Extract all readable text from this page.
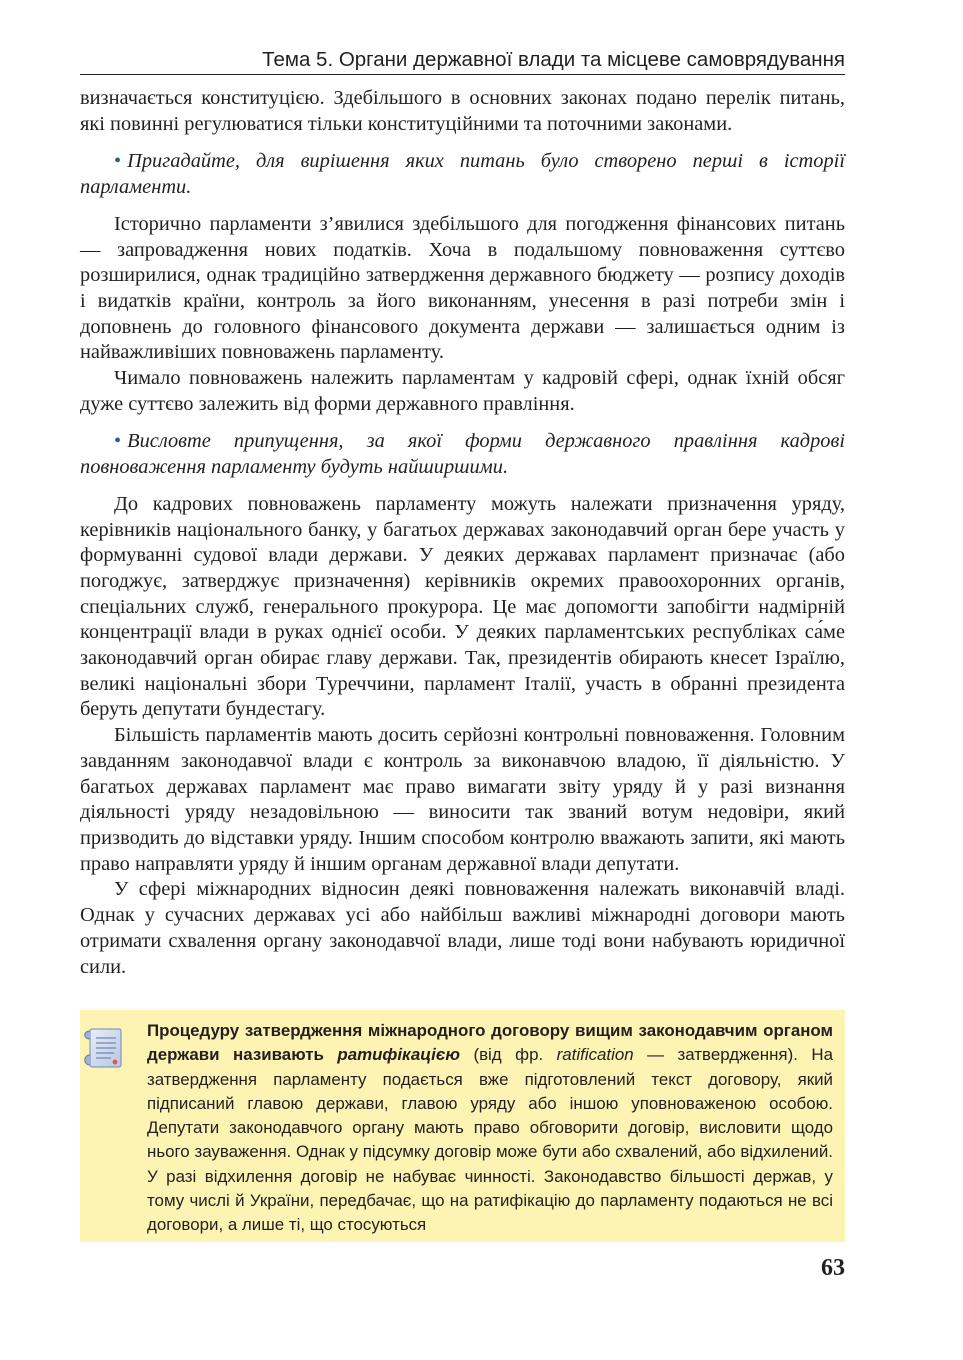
Тема 5. Органи державної влади та місцеве самоврядування

визначається конституцією. Здебільшого в основних законах подано перелік питань, які повинні регулюватися тільки конституційними та поточними законами.

• Пригадайте, для вирішення яких питань було створено перші в історії парламенти.

Історично парламенти з’явилися здебільшого для погодження фінансових питань — запровадження нових податків. Хоча в подальшому повноваження суттєво розширилися, однак традиційно затвердження державного бюджету — розпису доходів і видатків країни, контроль за його виконанням, унесення в разі потреби змін і доповнень до головного фінансового документа держави — залишається одним із найважливіших повноважень парламенту.

Чимало повноважень належить парламентам у кадровій сфері, однак їхній обсяг дуже суттєво залежить від форми державного правління.

• Висловте припущення, за якої форми державного правління кадрові повноваження парламенту будуть найширшими.

До кадрових повноважень парламенту можуть належати призначення уряду, керівників національного банку, у багатьох державах законодавчий орган бере участь у формуванні судової влади держави. У деяких державах парламент призначає (або погоджує, затверджує призначення) керівників окремих правоохоронних органів, спеціальних служб, генерального прокурора. Це має допомогти запобігти надмірній концентрації влади в руках однієї особи. У деяких парламентських республіках са́ме законодавчий орган обирає главу держави. Так, президентів обирають кнесет Ізраїлю, великі національні збори Туреччини, парламент Італії, участь в обранні президента беруть депутати бундестагу.

Більшість парламентів мають досить серйозні контрольні повноваження. Головним завданням законодавчої влади є контроль за виконавчою владою, її діяльністю. У багатьох державах парламент має право вимагати звіту уряду й у разі визнання діяльності уряду незадовільною — виносити так званий вотум недовіри, який призводить до відставки уряду. Іншим способом контролю вважають запити, які мають право направляти уряду й іншим органам державної влади депутати.

У сфері міжнародних відносин деякі повноваження належать виконавчій владі. Однак у сучасних державах усі або найбільш важливі міжнародні договори мають отримати схвалення органу законодавчої влади, лише тоді вони набувають юридичної сили.

Процедуру затвердження міжнародного договору вищим законодавчим органом держави називають ратифікацією (від фр. ratification — затвердження). На затвердження парламенту подається вже підготовлений текст договору, який підписаний главою держави, главою уряду або іншою уповноваженою особою. Депутати законодавчого органу мають право обговорити договір, висловити щодо нього зауваження. Однак у підсумку договір може бути або схвалений, або відхилений. У разі відхилення договір не набуває чинності. Законодавство більшості держав, у тому числі й України, передбачає, що на ратифікацію до парламенту подаються не всі договори, а лише ті, що стосуються
63
